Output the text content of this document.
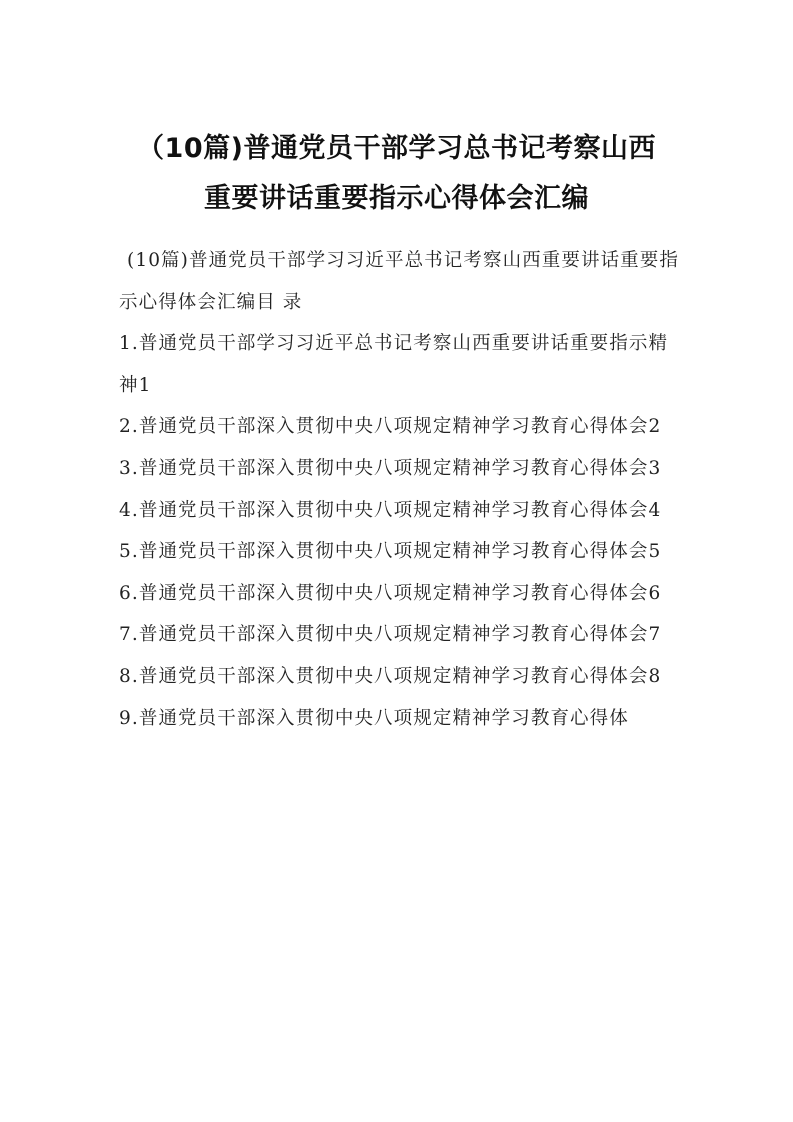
（10篇)普通党员干部学习总书记考察山西
重要讲话重要指示心得体会汇编

(10篇)普通党员干部学习习近平总书记考察山西重要讲话重要指示心得体会汇编目 录

1.普通党员干部学习习近平总书记考察山西重要讲话重要指示精神1

2.普通党员干部深入贯彻中央八项规定精神学习教育心得体会2

3.普通党员干部深入贯彻中央八项规定精神学习教育心得体会3

4.普通党员干部深入贯彻中央八项规定精神学习教育心得体会4

5.普通党员干部深入贯彻中央八项规定精神学习教育心得体会5

6.普通党员干部深入贯彻中央八项规定精神学习教育心得体会6

7.普通党员干部深入贯彻中央八项规定精神学习教育心得体会7

8.普通党员干部深入贯彻中央八项规定精神学习教育心得体会8

9.普通党员干部深入贯彻中央八项规定精神学习教育心得体
